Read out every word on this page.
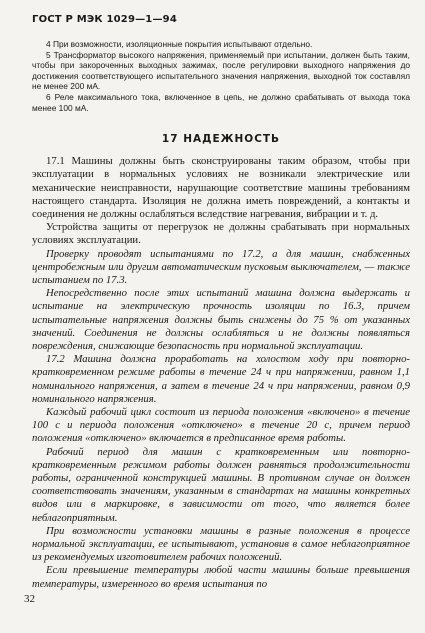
ГОСТ Р МЭК 1029—1—94

4 При возможности, изоляционные покрытия испытывают отдельно.

5 Трансформатор высокого напряжения, применяемый при испытании, должен быть таким, чтобы при закороченных выходных зажимах, после регулировки выходного напряжения до достижения соответствующего испытательного значения напряжения, выходной ток составлял не менее 200 мА.

6 Реле максимального тока, включенное в цепь, не должно срабатывать от выхода тока менее 100 мА.

17 НАДЕЖНОСТЬ

17.1 Машины должны быть сконструированы таким образом, чтобы при эксплуатации в нормальных условиях не возникали электрические или механические неисправности, нарушающие соответствие машины требованиям настоящего стандарта. Изоляция не должна иметь повреждений, а контакты и соединения не должны ослабляться вследствие нагревания, вибрации и т. д.

Устройства защиты от перегрузок не должны срабатывать при нормальных условиях эксплуатации.

Проверку проводят испытаниями по 17.2, а для машин, снабженных центробежным или другим автоматическим пусковым выключателем, — также испытанием по 17.3.

Непосредственно после этих испытаний машина должна выдержать и испытание на электрическую прочность изоляции по 16.3, причем испытательные напряжения должны быть снижены до 75 % от указанных значений. Соединения не должны ослабляться и не должны появляться повреждения, снижающие безопасность при нормальной эксплуатации.

17.2 Машина должна проработать на холостом ходу при повторно-кратковременном режиме работы в течение 24 ч при напряжении, равном 1,1 номинального напряжения, а затем в течение 24 ч при напряжении, равном 0,9 номинального напряжения.

Каждый рабочий цикл состоит из периода положения «включено» в течение 100 с и периода положения «отключено» в течение 20 с, причем период положения «отключено» включается в предписанное время работы.

Рабочий период для машин с кратковременным или повторно-кратковременным режимом работы должен равняться продолжительности работы, ограниченной конструкцией машины. В противном случае он должен соответствовать значениям, указанным в стандартах на машины конкретных видов или в маркировке, в зависимости от того, что является более неблагоприятным.

При возможности установки машины в разные положения в процессе нормальной эксплуатации, ее испытывают, установив в самое неблагоприятное из рекомендуемых изготовителем рабочих положений.

Если превышение температуры любой части машины больше превышения температуры, измеренного во время испытания по

32
